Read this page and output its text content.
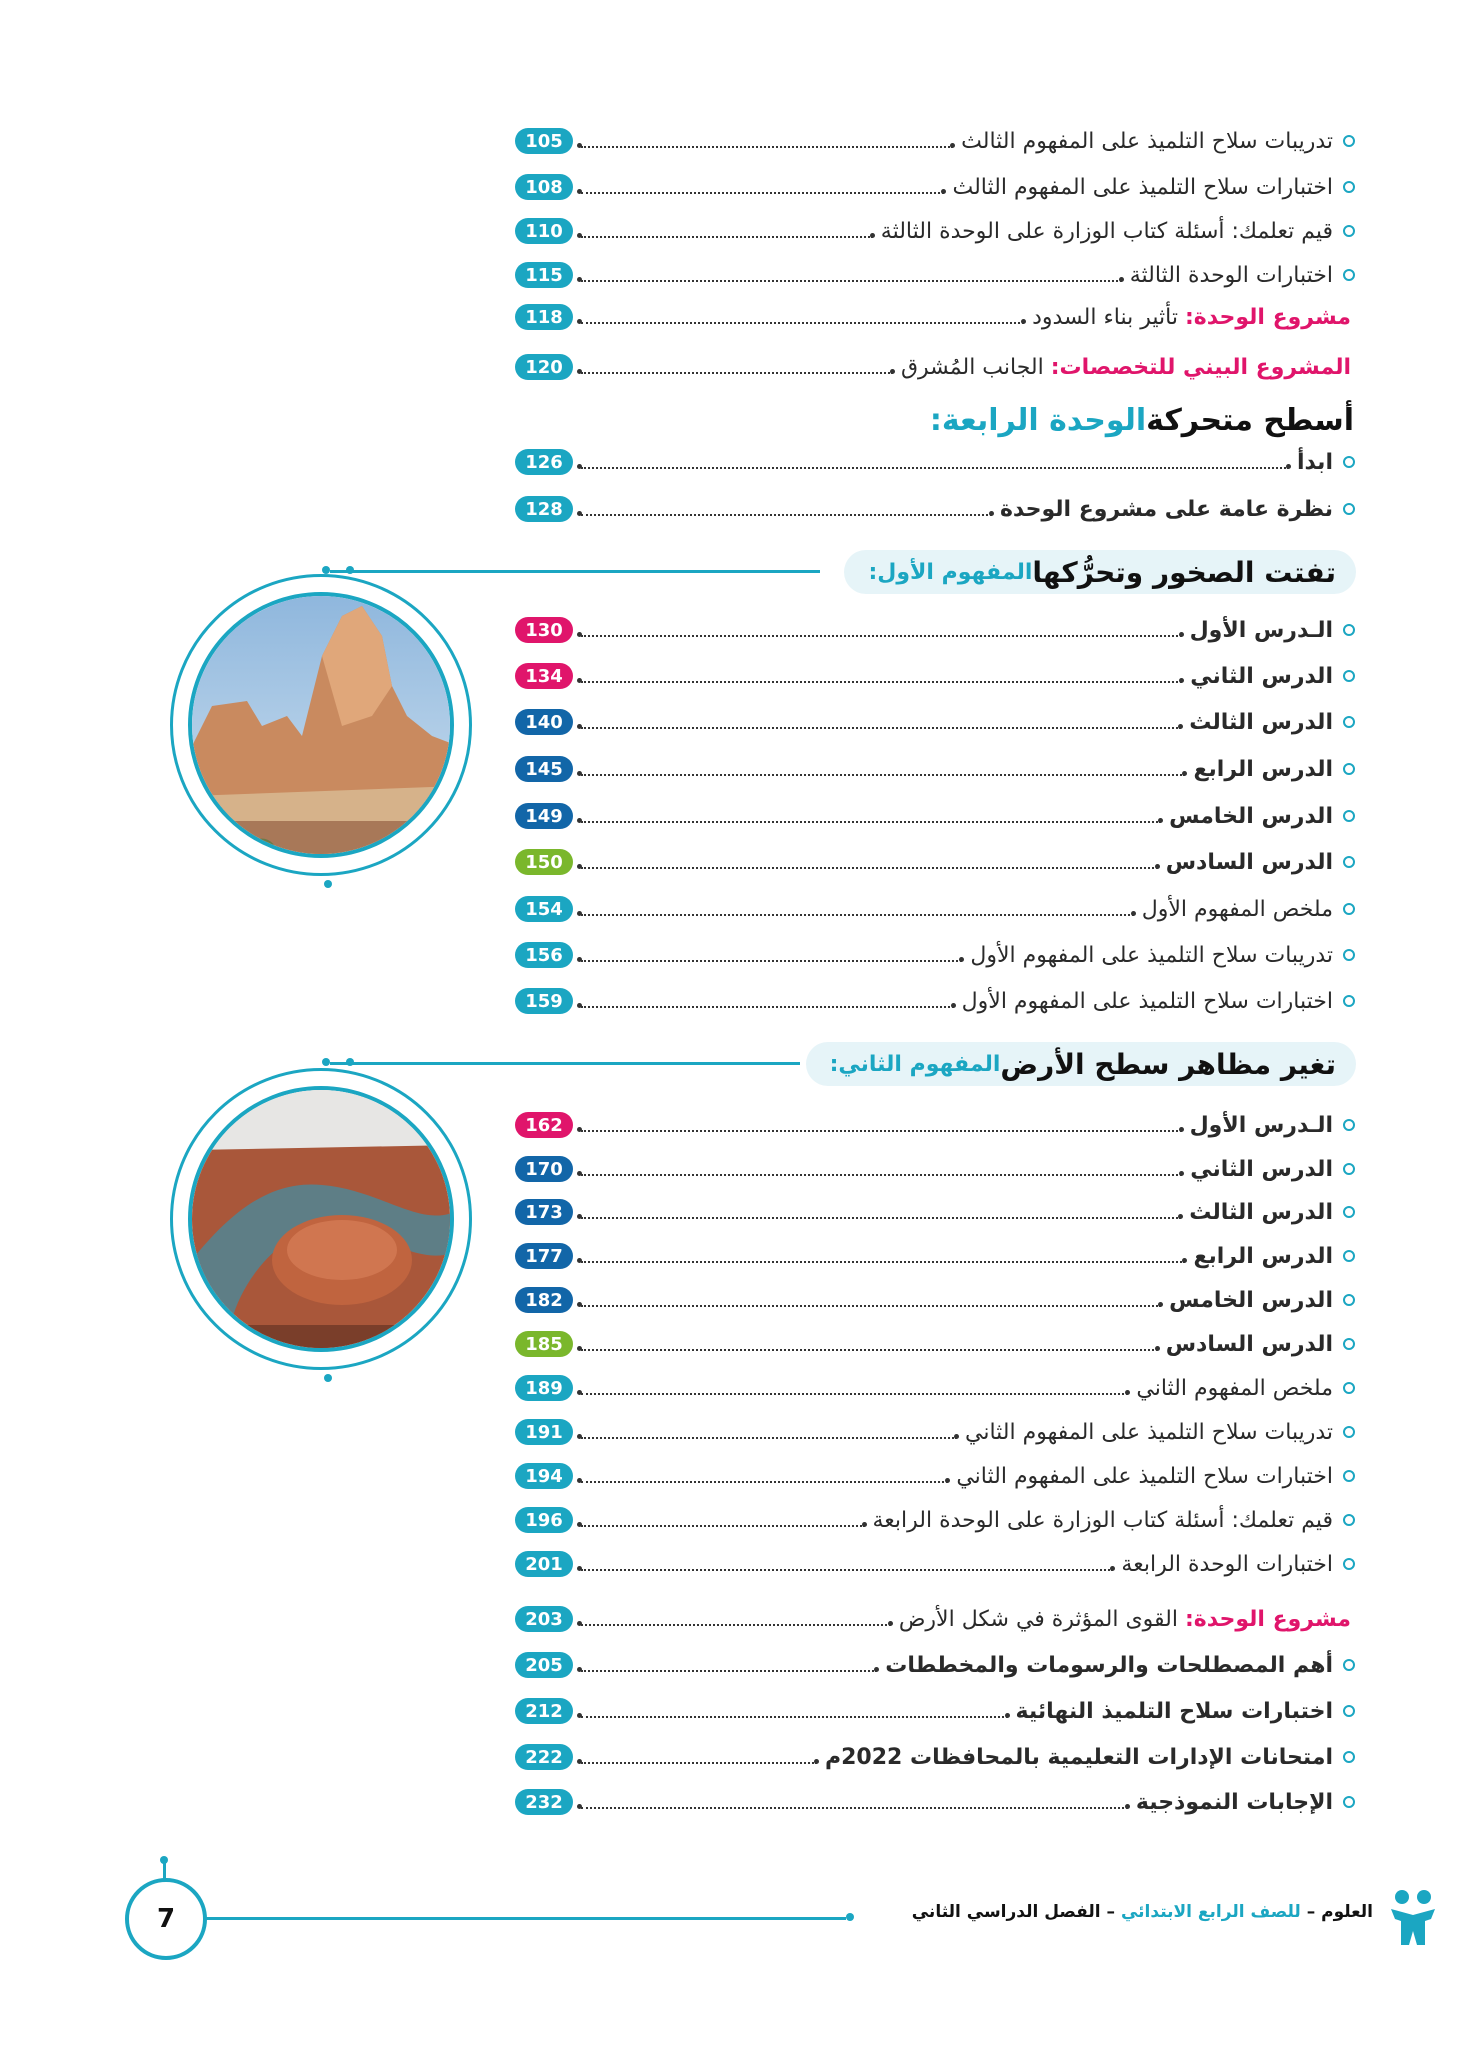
تدريبات سلاح التلميذ على المفهوم الثالث
105
اختبارات سلاح التلميذ على المفهوم الثالث
108
قيم تعلمك: أسئلة كتاب الوزارة على الوحدة الثالثة
110
اختبارات الوحدة الثالثة
115
مشروع الوحدة: تأثير بناء السدود
118
المشروع البيني للتخصصات: الجانب المُشرق
120
الوحدة الرابعة: أسطح متحركة
ابدأ
126
نظرة عامة على مشروع الوحدة
128
المفهوم الأول: تفتت الصخور وتحرُّكها
الـدرس الأول
130
الدرس الثاني
134
الدرس الثالث
140
الدرس الرابع
145
الدرس الخامس
149
الدرس السادس
150
ملخص المفهوم الأول
154
تدريبات سلاح التلميذ على المفهوم الأول
156
اختبارات سلاح التلميذ على المفهوم الأول
159
المفهوم الثاني: تغير مظاهر سطح الأرض
الـدرس الأول
162
الدرس الثاني
170
الدرس الثالث
173
الدرس الرابع
177
الدرس الخامس
182
الدرس السادس
185
ملخص المفهوم الثاني
189
تدريبات سلاح التلميذ على المفهوم الثاني
191
اختبارات سلاح التلميذ على المفهوم الثاني
194
قيم تعلمك: أسئلة كتاب الوزارة على الوحدة الرابعة
196
اختبارات الوحدة الرابعة
201
مشروع الوحدة: القوى المؤثرة في شكل الأرض
203
أهم المصطلحات والرسومات والمخططات
205
اختبارات سلاح التلميذ النهائية
212
امتحانات الإدارات التعليمية بالمحافظات 2022م
222
الإجابات النموذجية
232
7	العلوم – للصف الرابع الابتدائي – الفصل الدراسي الثاني
